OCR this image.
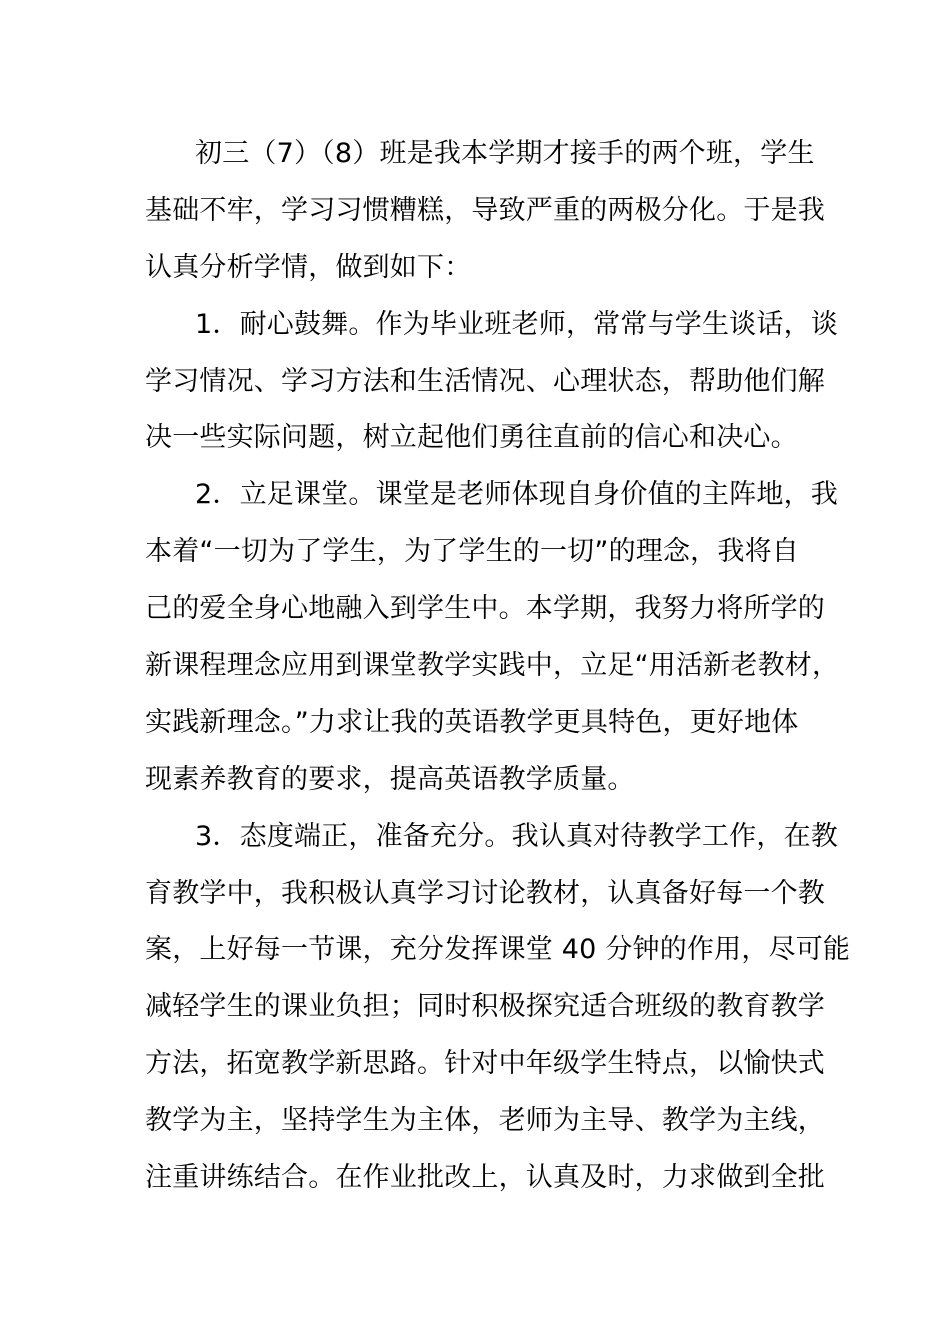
初三（7）（8）班是我本学期才接手的两个班，学生
基础不牢，学习习惯糟糕，导致严重的两极分化。于是我
认真分析学情，做到如下：
1．耐心鼓舞。作为毕业班老师，常常与学生谈话，谈
学习情况、学习方法和生活情况、心理状态，帮助他们解
决一些实际问题，树立起他们勇往直前的信心和决心。
2．立足课堂。课堂是老师体现自身价值的主阵地，我
本着“一切为了学生，为了学生的一切”的理念，我将自
己的爱全身心地融入到学生中。本学期，我努力将所学的
新课程理念应用到课堂教学实践中，立足“用活新老教材，
实践新理念。”力求让我的英语教学更具特色，更好地体
现素养教育的要求，提高英语教学质量。
3．态度端正，准备充分。我认真对待教学工作，在教
育教学中，我积极认真学习讨论教材，认真备好每一个教
案，上好每一节课，充分发挥课堂 40 分钟的作用，尽可能
减轻学生的课业负担；同时积极探究适合班级的教育教学
方法，拓宽教学新思路。针对中年级学生特点，以愉快式
教学为主，坚持学生为主体，老师为主导、教学为主线，
注重讲练结合。在作业批改上，认真及时，力求做到全批
